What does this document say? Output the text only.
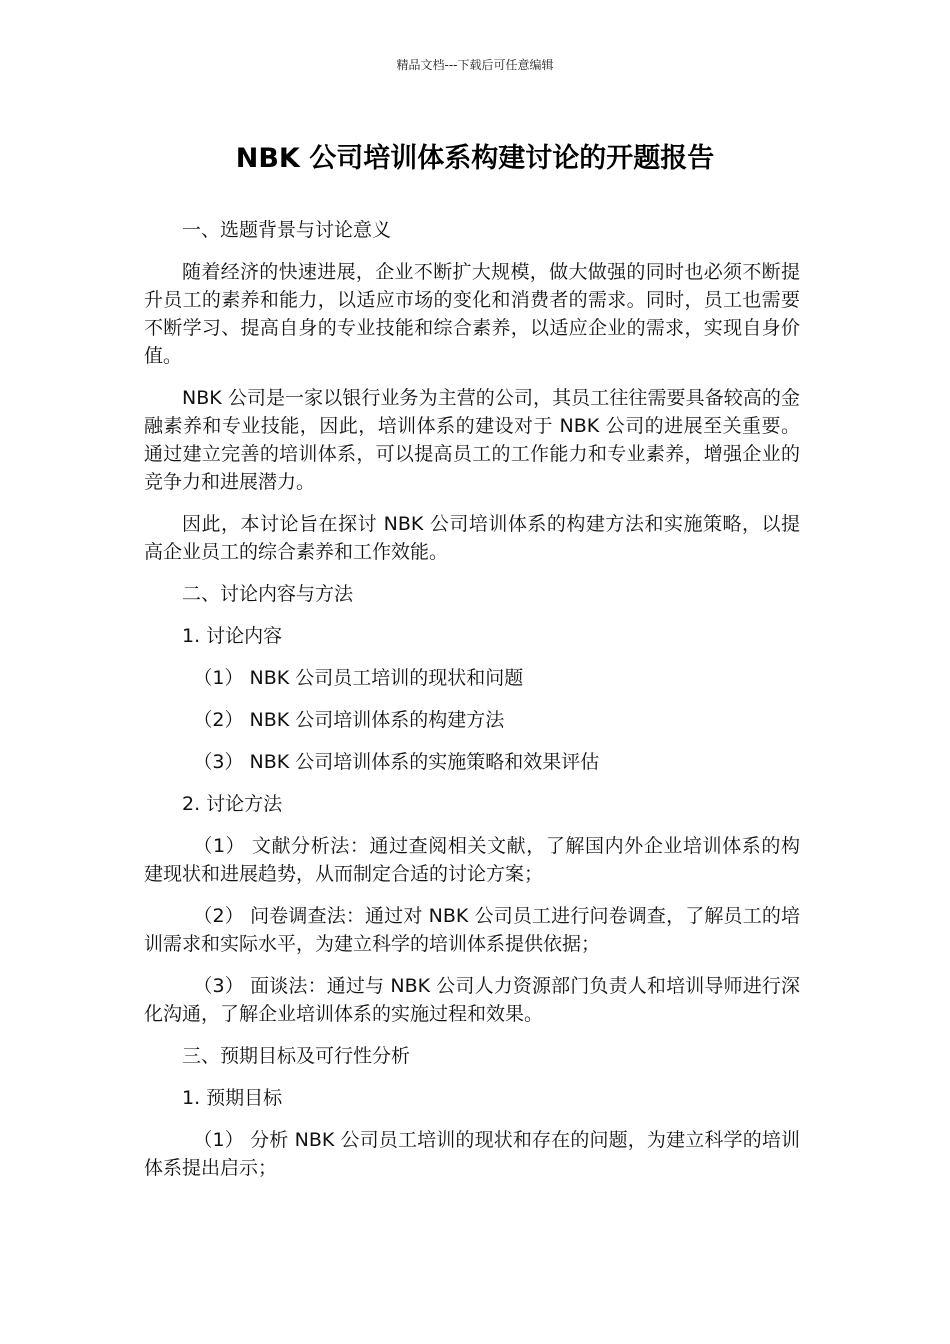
精品文档---下载后可任意编辑
NBK 公司培训体系构建讨论的开题报告

一、选题背景与讨论意义

随着经济的快速进展，企业不断扩大规模，做大做强的同时也必须不断提升员工的素养和能力，以适应市场的变化和消费者的需求。同时，员工也需要不断学习、提高自身的专业技能和综合素养，以适应企业的需求，实现自身价值。

NBK 公司是一家以银行业务为主营的公司，其员工往往需要具备较高的金融素养和专业技能，因此，培训体系的建设对于 NBK 公司的进展至关重要。通过建立完善的培训体系，可以提高员工的工作能力和专业素养，增强企业的竞争力和进展潜力。

因此，本讨论旨在探讨 NBK 公司培训体系的构建方法和实施策略，以提高企业员工的综合素养和工作效能。

二、讨论内容与方法

1. 讨论内容

（1） NBK 公司员工培训的现状和问题

（2） NBK 公司培训体系的构建方法

（3） NBK 公司培训体系的实施策略和效果评估

2. 讨论方法

（1） 文献分析法：通过查阅相关文献，了解国内外企业培训体系的构建现状和进展趋势，从而制定合适的讨论方案；

（2） 问卷调查法：通过对 NBK 公司员工进行问卷调查，了解员工的培训需求和实际水平，为建立科学的培训体系提供依据；

（3） 面谈法：通过与 NBK 公司人力资源部门负责人和培训导师进行深化沟通，了解企业培训体系的实施过程和效果。

三、预期目标及可行性分析

1. 预期目标

（1） 分析 NBK 公司员工培训的现状和存在的问题，为建立科学的培训体系提出启示；
